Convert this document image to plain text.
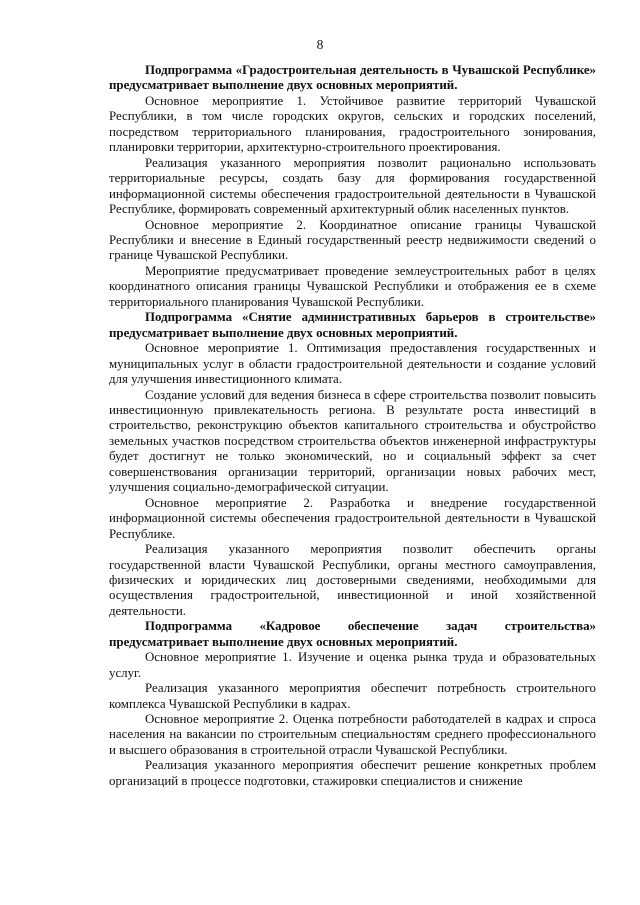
8

Подпрограмма «Градостроительная деятельность в Чувашской Республике» предусматривает выполнение двух основных мероприятий.

Основное мероприятие 1. Устойчивое развитие территорий Чувашской Республики, в том числе городских округов, сельских и городских поселений, посредством территориального планирования, градостроительного зонирования, планировки территории, архитектурно-строительного проектирования.

Реализация указанного мероприятия позволит рационально использовать территориальные ресурсы, создать базу для формирования государственной информационной системы обеспечения градостроительной деятельности в Чувашской Республике, формировать современный архитектурный облик населенных пунктов.

Основное мероприятие 2. Координатное описание границы Чувашской Республики и внесение в Единый государственный реестр недвижимости сведений о границе Чувашской Республики.

Мероприятие предусматривает проведение землеустроительных работ в целях координатного описания границы Чувашской Республики и отображения ее в схеме территориального планирования Чувашской Республики.

Подпрограмма «Снятие административных барьеров в строительстве» предусматривает выполнение двух основных мероприятий.

Основное мероприятие 1. Оптимизация предоставления государственных и муниципальных услуг в области градостроительной деятельности и создание условий для улучшения инвестиционного климата.

Создание условий для ведения бизнеса в сфере строительства позволит повысить инвестиционную привлекательность региона. В результате роста инвестиций в строительство, реконструкцию объектов капитального строительства и обустройство земельных участков посредством строительства объектов инженерной инфраструктуры будет достигнут не только экономический, но и социальный эффект за счет совершенствования организации территорий, организации новых рабочих мест, улучшения социально-демографической ситуации.

Основное мероприятие 2. Разработка и внедрение государственной информационной системы обеспечения градостроительной деятельности в Чувашской Республике.

Реализация указанного мероприятия позволит обеспечить органы государственной власти Чувашской Республики, органы местного самоуправления, физических и юридических лиц достоверными сведениями, необходимыми для осуществления градостроительной, инвестиционной и иной хозяйственной деятельности.

Подпрограмма «Кадровое обеспечение задач строительства» предусматривает выполнение двух основных мероприятий.

Основное мероприятие 1. Изучение и оценка рынка труда и образовательных услуг.

Реализация указанного мероприятия обеспечит потребность строительного комплекса Чувашской Республики в кадрах.

Основное мероприятие 2. Оценка потребности работодателей в кадрах и спроса населения на вакансии по строительным специальностям среднего профессионального и высшего образования в строительной отрасли Чувашской Республики.

Реализация указанного мероприятия обеспечит решение конкретных проблем организаций в процессе подготовки, стажировки специалистов и снижение
